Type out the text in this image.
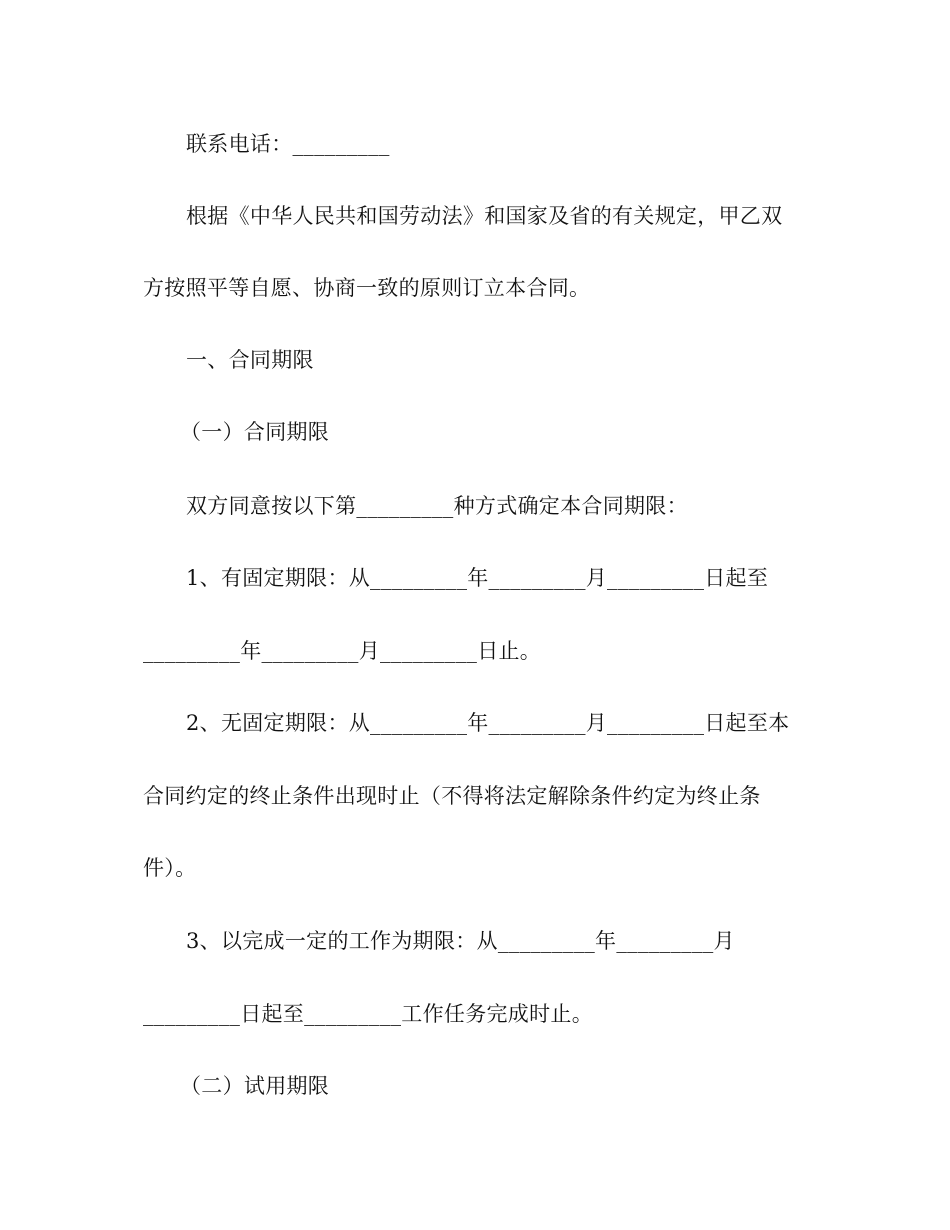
联系电话：_________
根据《中华人民共和国劳动法》和国家及省的有关规定，甲乙双
方按照平等自愿、协商一致的原则订立本合同。
一、合同期限
（一）合同期限
双方同意按以下第_________种方式确定本合同期限：
1、有固定期限：从_________年_________月_________日起至
_________年_________月_________日止。
2、无固定期限：从_________年_________月_________日起至本
合同约定的终止条件出现时止（不得将法定解除条件约定为终止条
件）。
3、以完成一定的工作为期限：从_________年_________月
_________日起至_________工作任务完成时止。
（二）试用期限
